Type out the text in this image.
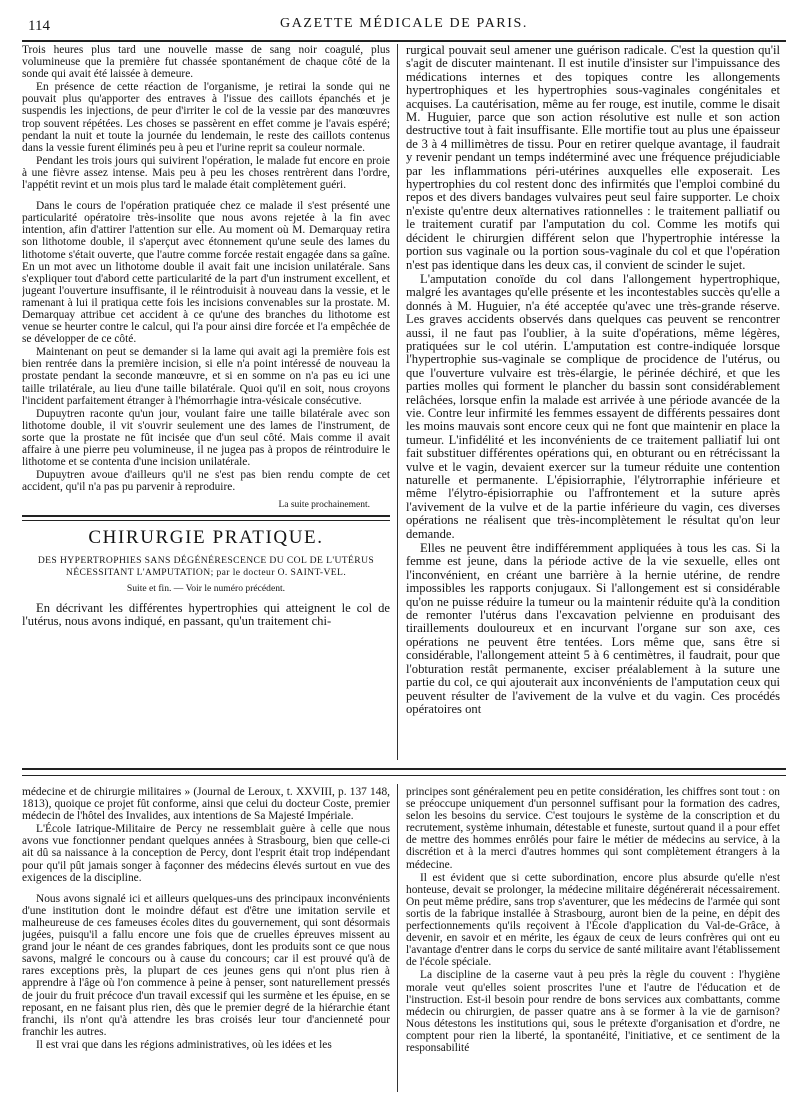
114	GAZETTE MÉDICALE DE PARIS.

Trois heures plus tard une nouvelle masse de sang noir coagulé, plus volumineuse que la première fut chassée spontanément de chaque côté de la sonde qui avait été laissée à demeure.

En présence de cette réaction de l'organisme, je retirai la sonde qui ne pouvait plus qu'apporter des entraves à l'issue des caillots épanchés et je suspendis les injections, de peur d'irriter le col de la vessie par des manœuvres trop souvent répétées. Les choses se passèrent en effet comme je l'avais espéré; pendant la nuit et toute la journée du lendemain, le reste des caillots contenus dans la vessie furent éliminés peu à peu et l'urine reprit sa couleur normale.

Pendant les trois jours qui suivirent l'opération, le malade fut encore en proie à une fièvre assez intense. Mais peu à peu les choses rentrèrent dans l'ordre, l'appétit revint et un mois plus tard le malade était complètement guéri.

Dans le cours de l'opération pratiquée chez ce malade il s'est présenté une particularité opératoire très-insolite que nous avons rejetée à la fin avec intention, afin d'attirer l'attention sur elle. Au moment où M. Demarquay retira son lithotome double, il s'aperçut avec étonnement qu'une seule des lames du lithotome s'était ouverte, que l'autre comme forcée restait engagée dans sa gaîne. En un mot avec un lithotome double il avait fait une incision unilatérale. Sans s'expliquer tout d'abord cette particularité de la part d'un instrument excellent, et jugeant l'ouverture insuffisante, il le réintroduisit à nouveau dans la vessie, et le ramenant à lui il pratiqua cette fois les incisions convenables sur la prostate. M. Demarquay attribue cet accident à ce qu'une des branches du lithotome est venue se heurter contre le calcul, qui l'a pour ainsi dire forcée et l'a empêchée de se développer de ce côté.

Maintenant on peut se demander si la lame qui avait agi la première fois est bien rentrée dans la première incision, si elle n'a point intéressé de nouveau la prostate pendant la seconde manœuvre, et si en somme on n'a pas eu ici une taille trilatérale, au lieu d'une taille bilatérale. Quoi qu'il en soit, nous croyons l'incident parfaitement étranger à l'hémorrhagie intra-vésicale consécutive.

Dupuytren raconte qu'un jour, voulant faire une taille bilatérale avec son lithotome double, il vit s'ouvrir seulement une des lames de l'instrument, de sorte que la prostate ne fût incisée que d'un seul côté. Mais comme il avait affaire à une pierre peu volumineuse, il ne jugea pas à propos de réintroduire le lithotome et se contenta d'une incision unilatérale.

Dupuytren avoue d'ailleurs qu'il ne s'est pas bien rendu compte de cet accident, qu'il n'a pas pu parvenir à reproduire.

La suite prochainement.

CHIRURGIE PRATIQUE.

DES HYPERTROPHIES SANS DÉGÉNÉRESCENCE DU COL DE L'UTÉRUS NÉCESSITANT L'AMPUTATION; par le docteur O. SAINT-VEL.

Suite et fin. — Voir le numéro précédent.

En décrivant les différentes hypertrophies qui atteignent le col de l'utérus, nous avons indiqué, en passant, qu'un traitement chi-

rurgical pouvait seul amener une guérison radicale. C'est la question qu'il s'agit de discuter maintenant. Il est inutile d'insister sur l'impuissance des médications internes et des topiques contre les allongements hypertrophiques et les hypertrophies sous-vaginales congénitales et acquises. La cautérisation, même au fer rouge, est inutile, comme le disait M. Huguier, parce que son action résolutive est nulle et son action destructive tout à fait insuffisante. Elle mortifie tout au plus une épaisseur de 3 à 4 millimètres de tissu. Pour en retirer quelque avantage, il faudrait y revenir pendant un temps indéterminé avec une fréquence préjudiciable par les inflammations péri-utérines auxquelles elle exposerait. Les hypertrophies du col restent donc des infirmités que l'emploi combiné du repos et des divers bandages vulvaires peut seul faire supporter. Le choix n'existe qu'entre deux alternatives rationnelles : le traitement palliatif ou le traitement curatif par l'amputation du col. Comme les motifs qui décident le chirurgien différent selon que l'hypertrophie intéresse la portion sus vaginale ou la portion sous-vaginale du col et que l'opération n'est pas identique dans les deux cas, il convient de scinder le sujet.

L'amputation conoïde du col dans l'allongement hypertrophique, malgré les avantages qu'elle présente et les incontestables succès qu'elle a donnés à M. Huguier, n'a été acceptée qu'avec une très-grande réserve. Les graves accidents observés dans quelques cas peuvent se rencontrer aussi, il ne faut pas l'oublier, à la suite d'opérations, même légères, pratiquées sur le col utérin. L'amputation est contre-indiquée lorsque l'hypertrophie sus-vaginale se complique de procidence de l'utérus, ou que l'ouverture vulvaire est très-élargie, le périnée déchiré, et que les parties molles qui forment le plancher du bassin sont considérablement relâchées, lorsque enfin la malade est arrivée à une période avancée de la vie. Contre leur infirmité les femmes essayent de différents pessaires dont les moins mauvais sont encore ceux qui ne font que maintenir en place la tumeur. L'infidélité et les inconvénients de ce traitement palliatif lui ont fait substituer différentes opérations qui, en obturant ou en rétrécissant la vulve et le vagin, devaient exercer sur la tumeur réduite une contention naturelle et permanente. L'épisiorraphie, l'élytrorraphie inférieure et même l'élytro-épisiorraphie ou l'affrontement et la suture après l'avivement de la vulve et de la partie inférieure du vagin, ces diverses opérations ne réalisent que très-incomplètement le résultat qu'on leur demande.

Elles ne peuvent être indifféremment appliquées à tous les cas. Si la femme est jeune, dans la période active de la vie sexuelle, elles ont l'inconvénient, en créant une barrière à la hernie utérine, de rendre impossibles les rapports conjugaux. Si l'allongement est si considérable qu'on ne puisse réduire la tumeur ou la maintenir réduite qu'à la condition de remonter l'utérus dans l'excavation pelvienne en produisant des tiraillements douloureux et en incurvant l'organe sur son axe, ces opérations ne peuvent être tentées. Lors même que, sans être si considérable, l'allongement atteint 5 à 6 centimètres, il faudrait, pour que l'obturation restât permanente, exciser préalablement à la suture une partie du col, ce qui ajouterait aux inconvénients de l'amputation ceux qui peuvent résulter de l'avivement de la vulve et du vagin. Ces procédés opératoires ont

médecine et de chirurgie militaires » (Journal de Leroux, t. XXVIII, p. 137 148, 1813), quoique ce projet fût conforme, ainsi que celui du docteur Coste, premier médecin de l'hôtel des Invalides, aux intentions de Sa Majesté Impériale.

L'École Iatrique-Militaire de Percy ne ressemblait guère à celle que nous avons vue fonctionner pendant quelques années à Strasbourg, bien que celle-ci ait dû sa naissance à la conception de Percy, dont l'esprit était trop indépendant pour qu'il pût jamais songer à façonner des médecins élevés surtout en vue des exigences de la discipline.

Nous avons signalé ici et ailleurs quelques-uns des principaux inconvénients d'une institution dont le moindre défaut est d'être une imitation servile et malheureuse de ces fameuses écoles dites du gouvernement, qui sont désormais jugées, puisqu'il a fallu encore une fois que de cruelles épreuves missent au grand jour le néant de ces grandes fabriques, dont les produits sont ce que nous savons, malgré le concours ou à cause du concours; car il est prouvé qu'à de rares exceptions près, la plupart de ces jeunes gens qui n'ont plus rien à apprendre à l'âge où l'on commence à peine à penser, sont naturellement pressés de jouir du fruit précoce d'un travail excessif qui les surmène et les épuise, en se reposant, en ne faisant plus rien, dès que le premier degré de la hiérarchie étant franchi, ils n'ont qu'à attendre les bras croisés leur tour d'ancienneté pour franchir les autres.

Il est vrai que dans les régions administratives, où les idées et les

principes sont généralement peu en petite considération, les chiffres sont tout : on se préoccupe uniquement d'un personnel suffisant pour la formation des cadres, selon les besoins du service. C'est toujours le système de la conscription et du recrutement, système inhumain, détestable et funeste, surtout quand il a pour effet de mettre des hommes enrôlés pour faire le métier de médecins au service, à la discrétion et à la merci d'autres hommes qui sont complètement étrangers à la médecine.

Il est évident que si cette subordination, encore plus absurde qu'elle n'est honteuse, devait se prolonger, la médecine militaire dégénérerait nécessairement. On peut même prédire, sans trop s'aventurer, que les médecins de l'armée qui sont sortis de la fabrique installée à Strasbourg, auront bien de la peine, en dépit des perfectionnements qu'ils reçoivent à l'École d'application du Val-de-Grâce, à devenir, en savoir et en mérite, les égaux de ceux de leurs confrères qui ont eu l'avantage d'entrer dans le corps du service de santé militaire avant l'établissement de l'école spéciale.

La discipline de la caserne vaut à peu près la règle du couvent : l'hygiène morale veut qu'elles soient proscrites l'une et l'autre de l'éducation et de l'instruction. Est-il besoin pour rendre de bons services aux combattants, comme médecin ou chirurgien, de passer quatre ans à se former à la vie de garnison? Nous détestons les institutions qui, sous le prétexte d'organisation et d'ordre, ne comptent pour rien la liberté, la spontanéité, l'initiative, et ce sentiment de la responsabilité
